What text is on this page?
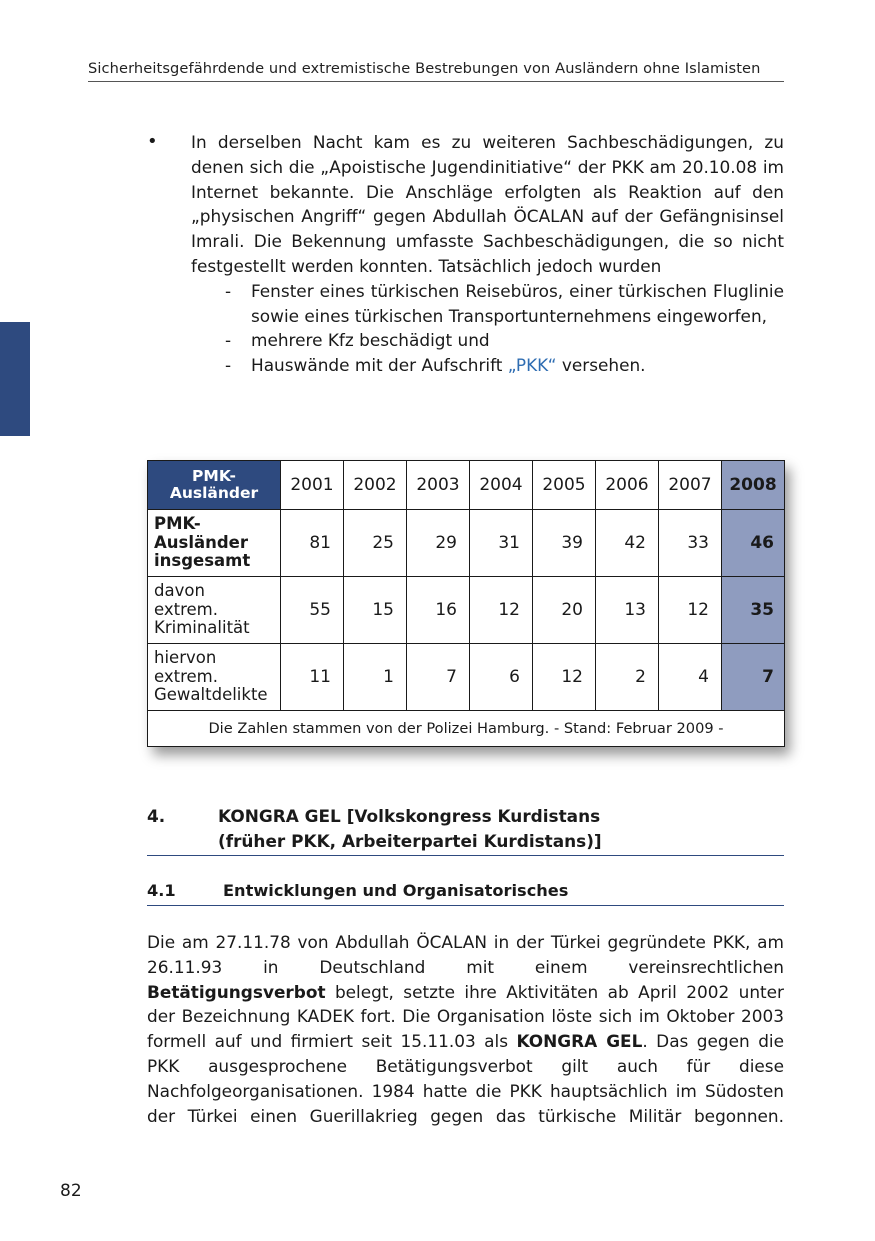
Sicherheitsgefährdende und extremistische Bestrebungen von Ausländern ohne Islamisten
• In derselben Nacht kam es zu weiteren Sachbeschädigungen, zu denen sich die „Apoistische Jugendinitiative“ der PKK am 20.10.08 im Internet bekannte. Die Anschläge erfolgten als Reaktion auf den „physischen Angriff“ gegen Abdullah ÖCALAN auf der Gefängnisinsel Imrali. Die Bekennung umfasste Sachbeschädigungen, die so nicht festgestellt werden konnten. Tatsächlich jedoch wurden
- Fenster eines türkischen Reisebüros, einer türkischen Fluglinie sowie eines türkischen Transportunternehmens eingeworfen,
- mehrere Kfz beschädigt und
- Hauswände mit der Aufschrift „PKK“ versehen.
PMK-
Ausländer	2001	2002	2003	2004	2005	2006	2007	2008
PMK-
Ausländer
insgesamt	81	25	29	31	39	42	33	46
davon
extrem.
Kriminalität	55	15	16	12	20	13	12	35
hiervon
extrem.
Gewaltdelikte	11	1	7	6	12	2	4	7
Die Zahlen stammen von der Polizei Hamburg. - Stand: Februar 2009 -								
4.	KONGRA GEL [Volkskongress Kurdistans
(früher PKK, Arbeiterpartei Kurdistans)]
4.1	Entwicklungen und Organisatorisches
Die am 27.11.78 von Abdullah ÖCALAN in der Türkei gegründete PKK, am 26.11.93 in Deutschland mit einem vereinsrechtlichen Betätigungsverbot belegt, setzte ihre Aktivitäten ab April 2002 unter der Bezeichnung KADEK fort. Die Organisation löste sich im Oktober 2003 formell auf und firmiert seit 15.11.03 als KONGRA GEL. Das gegen die PKK ausgesprochene Betätigungsverbot gilt auch für diese Nachfolgeorganisationen. 1984 hatte die PKK hauptsächlich im Südosten der Türkei einen Guerillakrieg gegen das türkische Militär begonnen.
82
